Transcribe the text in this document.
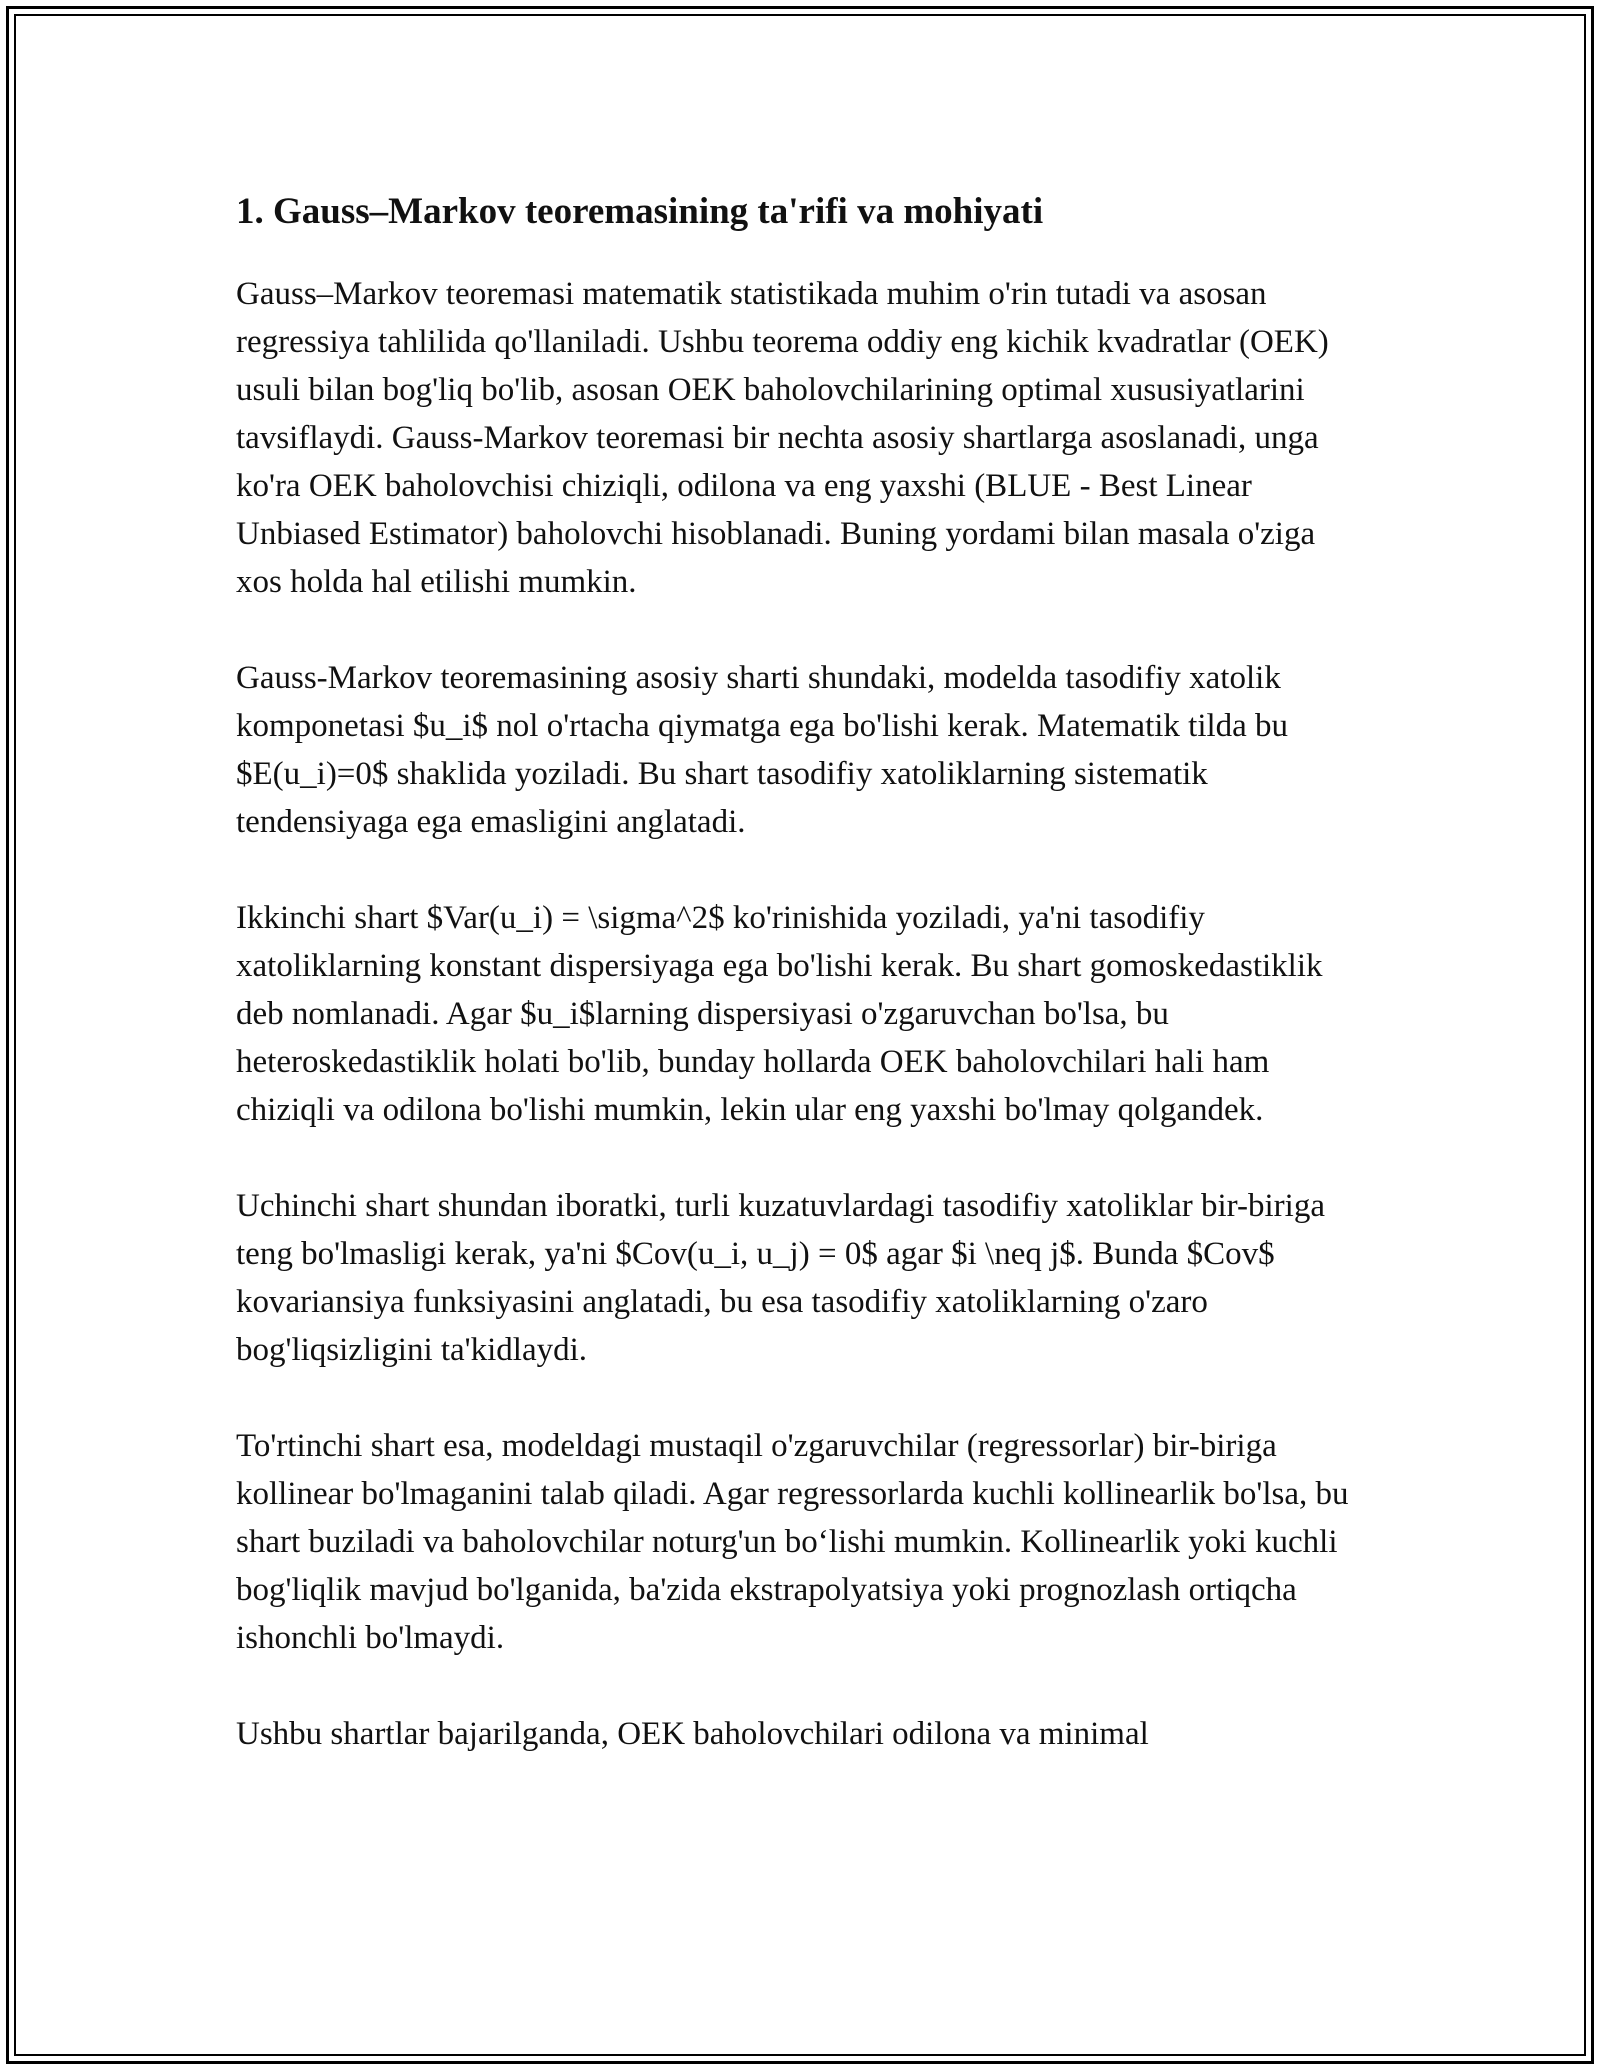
1. Gauss–Markov teoremasining ta'rifi va mohiyati

Gauss–Markov teoremasi matematik statistikada muhim o'rin tutadi va asosan regressiya tahlilida qo'llaniladi. Ushbu teorema oddiy eng kichik kvadratlar (OEK) usuli bilan bog'liq bo'lib, asosan OEK baholovchilarining optimal xususiyatlarini tavsiflaydi. Gauss-Markov teoremasi bir nechta asosiy shartlarga asoslanadi, unga ko'ra OEK baholovchisi chiziqli, odilona va eng yaxshi (BLUE - Best Linear Unbiased Estimator) baholovchi hisoblanadi. Buning yordami bilan masala o'ziga xos holda hal etilishi mumkin.

Gauss-Markov teoremasining asosiy sharti shundaki, modelda tasodifiy xatolik komponetasi $u_i$ nol o'rtacha qiymatga ega bo'lishi kerak. Matematik tilda bu $E(u_i)=0$ shaklida yoziladi. Bu shart tasodifiy xatoliklarning sistematik tendensiyaga ega emasligini anglatadi.

Ikkinchi shart $Var(u_i) = \sigma^2$ ko'rinishida yoziladi, ya'ni tasodifiy xatoliklarning konstant dispersiyaga ega bo'lishi kerak. Bu shart gomoskedastiklik deb nomlanadi. Agar $u_i$larning dispersiyasi o'zgaruvchan bo'lsa, bu heteroskedastiklik holati bo'lib, bunday hollarda OEK baholovchilari hali ham chiziqli va odilona bo'lishi mumkin, lekin ular eng yaxshi bo'lmay qolgandek.

Uchinchi shart shundan iboratki, turli kuzatuvlardagi tasodifiy xatoliklar bir-biriga teng bo'lmasligi kerak, ya'ni $Cov(u_i, u_j) = 0$ agar $i \neq j$. Bunda $Cov$ kovariansiya funksiyasini anglatadi, bu esa tasodifiy xatoliklarning o'zaro bog'liqsizligini ta'kidlaydi.

To'rtinchi shart esa, modeldagi mustaqil o'zgaruvchilar (regressorlar) bir-biriga kollinear bo'lmaganini talab qiladi. Agar regressorlarda kuchli kollinearlik bo'lsa, bu shart buziladi va baholovchilar noturg'un bo‘lishi mumkin. Kollinearlik yoki kuchli bog'liqlik mavjud bo'lganida, ba'zida ekstrapolyatsiya yoki prognozlash ortiqcha ishonchli bo'lmaydi.

Ushbu shartlar bajarilganda, OEK baholovchilari odilona va minimal
